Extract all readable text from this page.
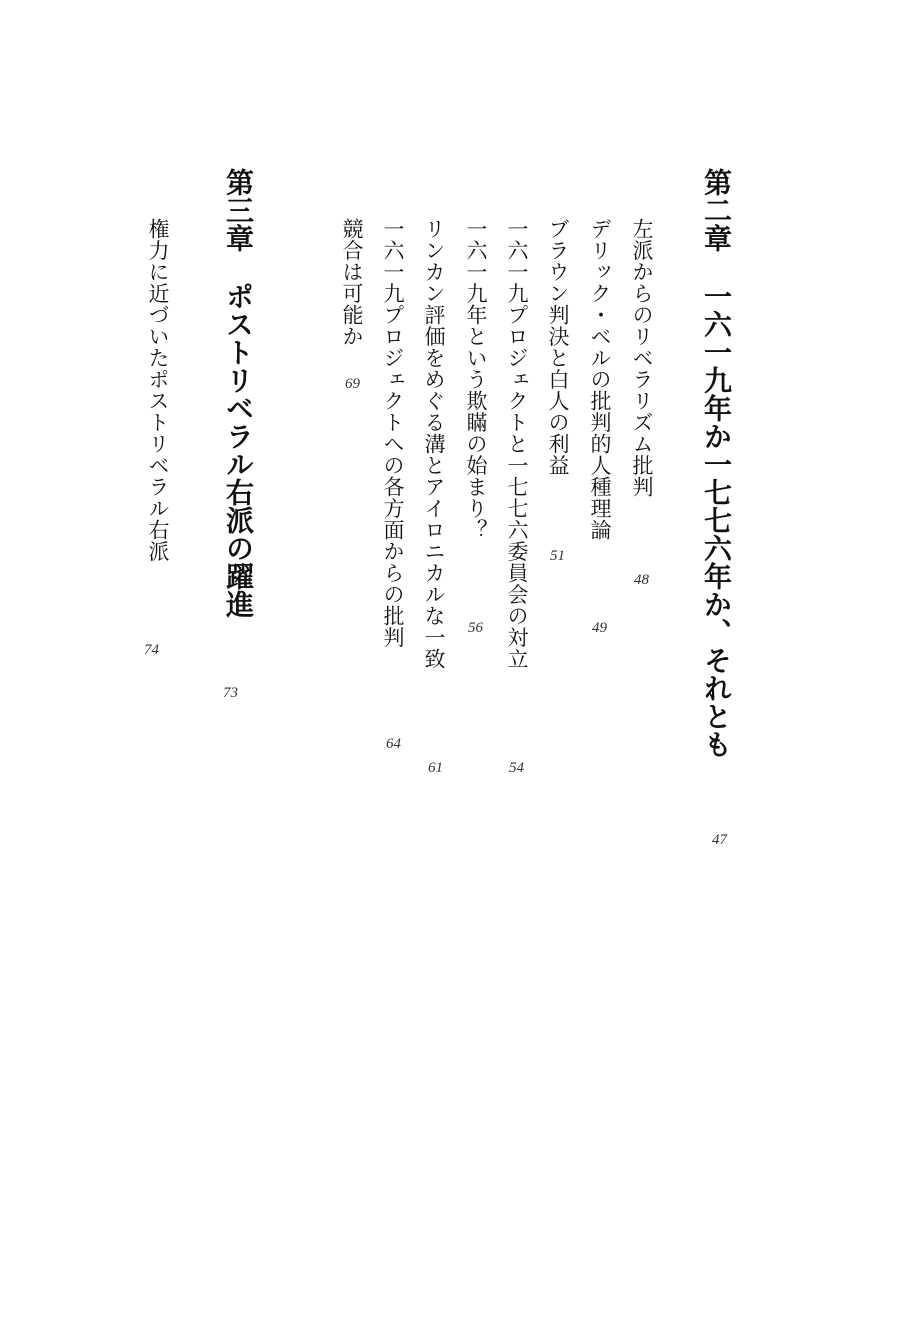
第二章一六一九年か一七七六年か、それとも
47
左派からのリベラリズム批判
48
デリック・ベルの批判的人種理論
49
ブラウン判決と白人の利益
51
一六一九プロジェクトと一七七六委員会の対立
54
一六一九年という欺瞞の始まり？
56
リンカン評価をめぐる溝とアイロニカルな一致
61
一六一九プロジェクトへの各方面からの批判
64
競合は可能か
69
第三章ポストリベラル右派の躍進
73
権力に近づいたポストリベラル右派
74
